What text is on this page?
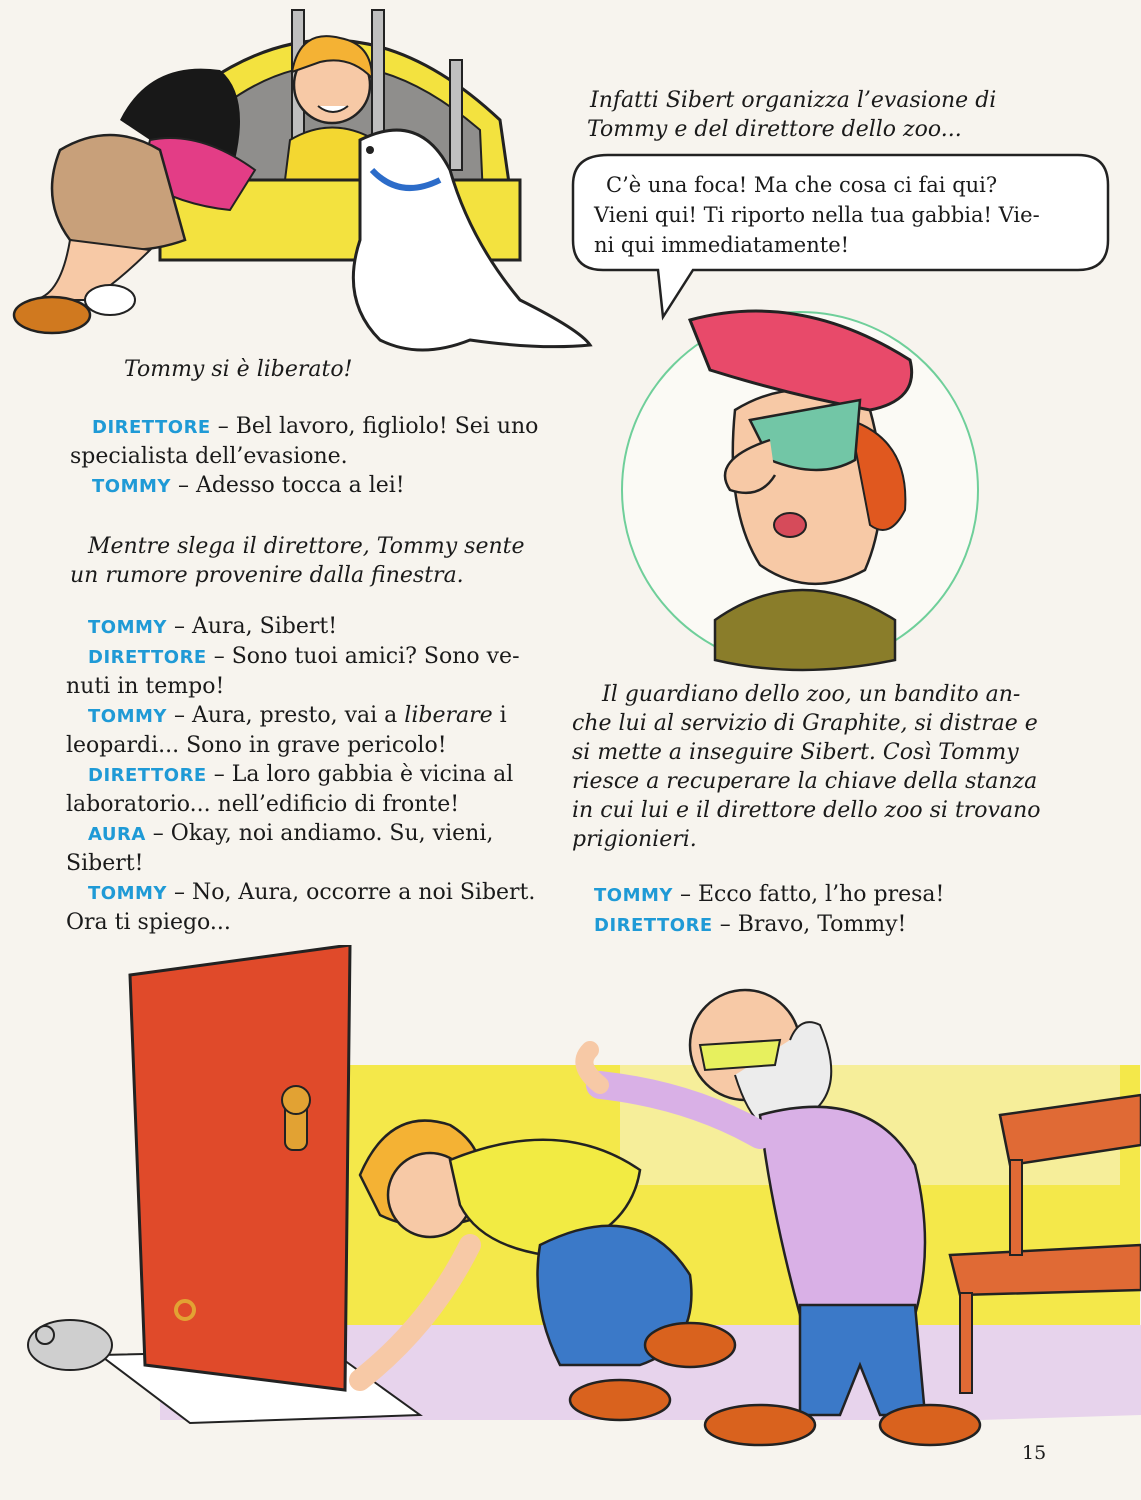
Infatti Sibert organizza l’evasione di
Tommy e del direttore dello zoo...
C’è una foca! Ma che cosa ci fai qui?
Vieni qui! Ti riporto nella tua gabbia! Vie-
ni qui immediatamente!
Tommy si è liberato!
DIRETTORE – Bel lavoro, figliolo! Sei uno
specialista dell’evasione.
TOMMY – Adesso tocca a lei!
Mentre slega il direttore, Tommy sente
un rumore provenire dalla finestra.
TOMMY – Aura, Sibert!
DIRETTORE – Sono tuoi amici? Sono ve-
nuti in tempo!
TOMMY – Aura, presto, vai a liberare i
leopardi... Sono in grave pericolo!
DIRETTORE – La loro gabbia è vicina al
laboratorio... nell’edificio di fronte!
AURA – Okay, noi andiamo. Su, vieni,
Sibert!
TOMMY – No, Aura, occorre a noi Sibert.
Ora ti spiego...
Il guardiano dello zoo, un bandito an-
che lui al servizio di Graphite, si distrae e
si mette a inseguire Sibert. Così Tommy
riesce a recuperare la chiave della stanza
in cui lui e il direttore dello zoo si trovano
prigionieri.
TOMMY – Ecco fatto, l’ho presa!
DIRETTORE – Bravo, Tommy!
15
